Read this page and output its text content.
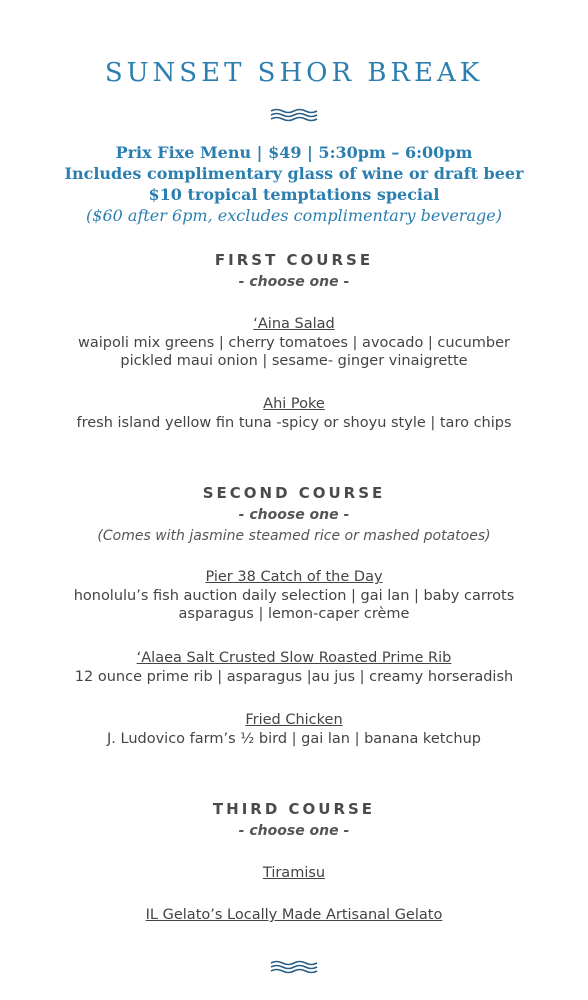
SUNSET SHOR BREAK
Prix Fixe Menu | $49 | 5:30pm – 6:00pm
Includes complimentary glass of wine or draft beer
$10 tropical temptations special
($60 after 6pm, excludes complimentary beverage)
FIRST COURSE
- choose one -
‘Aina Salad
waipoli mix greens | cherry tomatoes | avocado | cucumber
pickled maui onion | sesame- ginger vinaigrette
Ahi Poke
fresh island yellow fin tuna -spicy or shoyu style | taro chips
SECOND COURSE
- choose one -
(Comes with jasmine steamed rice or mashed potatoes)
Pier 38 Catch of the Day
honolulu’s fish auction daily selection | gai lan | baby carrots
asparagus | lemon-caper crème
‘Alaea Salt Crusted Slow Roasted Prime Rib
12 ounce prime rib | asparagus |au jus | creamy horseradish
Fried Chicken
J. Ludovico farm’s ½ bird | gai lan | banana ketchup
THIRD COURSE
- choose one -
Tiramisu
IL Gelato’s Locally Made Artisanal Gelato
